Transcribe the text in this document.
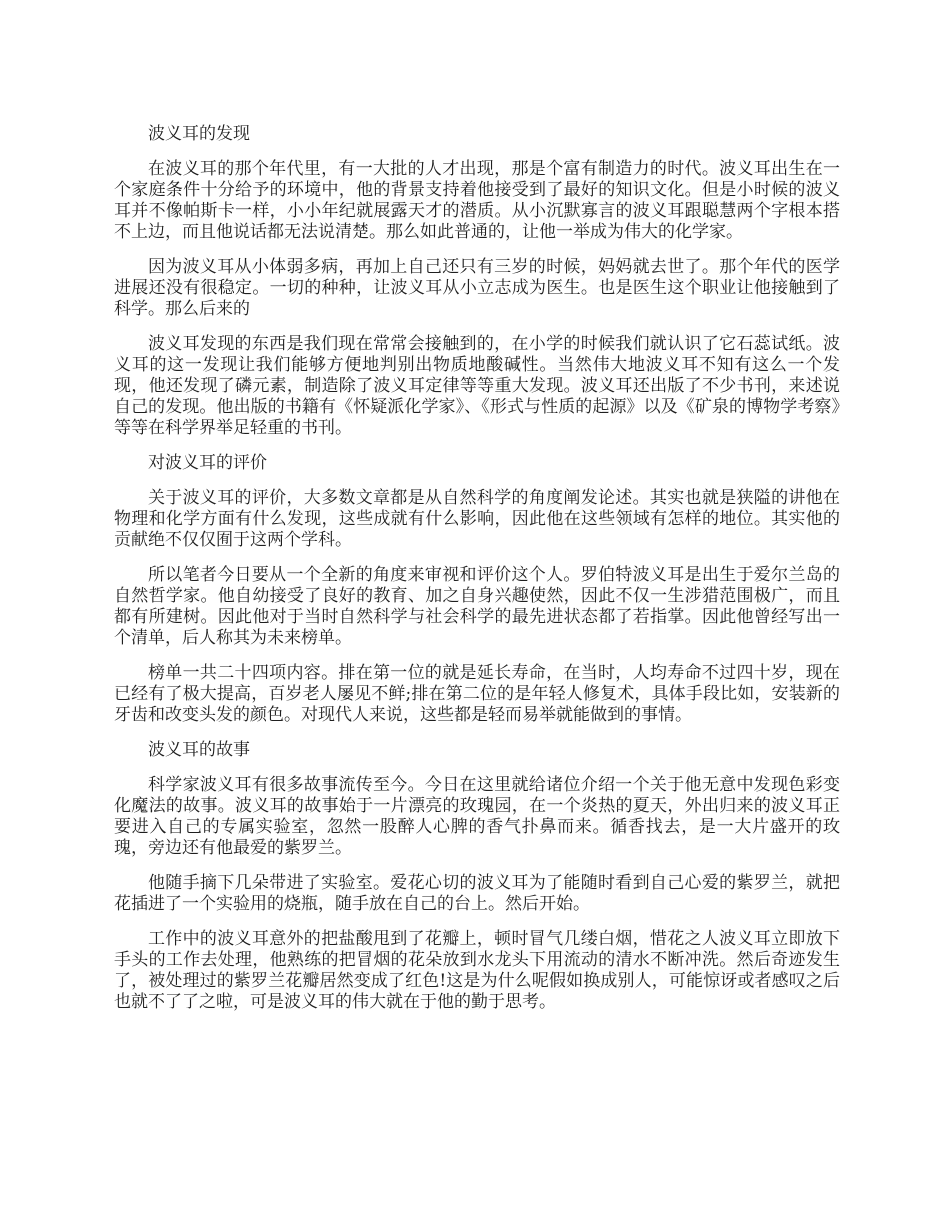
波义耳的发现

在波义耳的那个年代里，有一大批的人才出现，那是个富有制造力的时代。波义耳出生在一个家庭条件十分给予的环境中，他的背景支持着他接受到了最好的知识文化。但是小时候的波义耳并不像帕斯卡一样，小小年纪就展露天才的潜质。从小沉默寡言的波义耳跟聪慧两个字根本搭不上边，而且他说话都无法说清楚。那么如此普通的，让他一举成为伟大的化学家。

因为波义耳从小体弱多病，再加上自己还只有三岁的时候，妈妈就去世了。那个年代的医学进展还没有很稳定。一切的种种，让波义耳从小立志成为医生。也是医生这个职业让他接触到了科学。那么后来的

波义耳发现的东西是我们现在常常会接触到的，在小学的时候我们就认识了它石蕊试纸。波义耳的这一发现让我们能够方便地判别出物质地酸碱性。当然伟大地波义耳不知有这么一个发现，他还发现了磷元素，制造除了波义耳定律等等重大发现。波义耳还出版了不少书刊，来述说自己的发现。他出版的书籍有《怀疑派化学家》、《形式与性质的起源》以及《矿泉的博物学考察》等等在科学界举足轻重的书刊。

对波义耳的评价

关于波义耳的评价，大多数文章都是从自然科学的角度阐发论述。其实也就是狭隘的讲他在物理和化学方面有什么发现，这些成就有什么影响，因此他在这些领域有怎样的地位。其实他的贡献绝不仅仅囿于这两个学科。

所以笔者今日要从一个全新的角度来审视和评价这个人。罗伯特波义耳是出生于爱尔兰岛的自然哲学家。他自幼接受了良好的教育、加之自身兴趣使然，因此不仅一生涉猎范围极广，而且都有所建树。因此他对于当时自然科学与社会科学的最先进状态都了若指掌。因此他曾经写出一个清单，后人称其为未来榜单。

榜单一共二十四项内容。排在第一位的就是延长寿命，在当时，人均寿命不过四十岁，现在已经有了极大提高，百岁老人屡见不鲜;排在第二位的是年轻人修复术，具体手段比如，安装新的牙齿和改变头发的颜色。对现代人来说，这些都是轻而易举就能做到的事情。

波义耳的故事

科学家波义耳有很多故事流传至今。今日在这里就给诸位介绍一个关于他无意中发现色彩变化魔法的故事。波义耳的故事始于一片漂亮的玫瑰园，在一个炎热的夏天，外出归来的波义耳正要进入自己的专属实验室，忽然一股醉人心脾的香气扑鼻而来。循香找去，是一大片盛开的玫瑰，旁边还有他最爱的紫罗兰。

他随手摘下几朵带进了实验室。爱花心切的波义耳为了能随时看到自己心爱的紫罗兰，就把花插进了一个实验用的烧瓶，随手放在自己的台上。然后开始。

工作中的波义耳意外的把盐酸甩到了花瓣上，顿时冒气几缕白烟，惜花之人波义耳立即放下手头的工作去处理，他熟练的把冒烟的花朵放到水龙头下用流动的清水不断冲洗。然后奇迹发生了，被处理过的紫罗兰花瓣居然变成了红色!这是为什么呢假如换成别人，可能惊讶或者感叹之后也就不了了之啦，可是波义耳的伟大就在于他的勤于思考。
